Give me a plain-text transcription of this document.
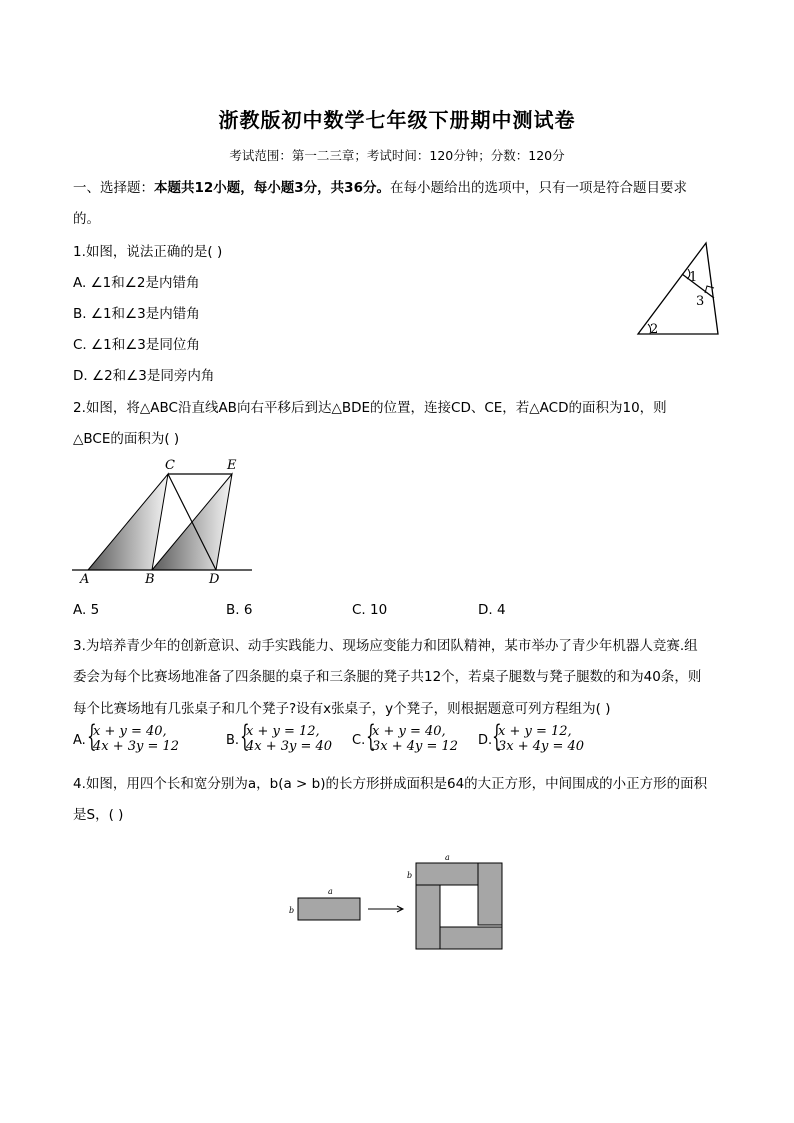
浙教版初中数学七年级下册期中测试卷
考试范围：第一二三章；考试时间：120分钟；分数：120分
一、选择题：本题共12小题，每小题3分，共36分。在每小题给出的选项中，只有一项是符合题目要求
的。
1.如图，说法正确的是( )
A. ∠1和∠2是内错角
B. ∠1和∠3是内错角
C. ∠1和∠3是同位角
D. ∠2和∠3是同旁内角
1
3
2
2.如图，将△ABC沿直线AB向右平移后到达△BDE的位置，连接CD、CE，若△ACD的面积为10，则
△BCE的面积为( )
C	E
A	B	D
A. 5	B. 6	C. 10	D. 4
3.为培养青少年的创新意识、动手实践能力、现场应变能力和团队精神，某市举办了青少年机器人竞赛.组
委会为每个比赛场地准备了四条腿的桌子和三条腿的凳子共12个，若桌子腿数与凳子腿数的和为40条，则
每个比赛场地有几张桌子和几个凳子?设有x张桌子，y个凳子，则根据题意可列方程组为( )
A. {
x + y = 40,
4x + 3y = 12	B. {
x + y = 12,
4x + 3y = 40 C. {
x + y = 40,
3x + 4y = 12 D. {
x + y = 12,
3x + 4y = 40
4.如图，用四个长和宽分别为a，b(a > b)的长方形拼成面积是64的大正方形，中间围成的小正方形的面积
是S，( )
a
b
a
b
